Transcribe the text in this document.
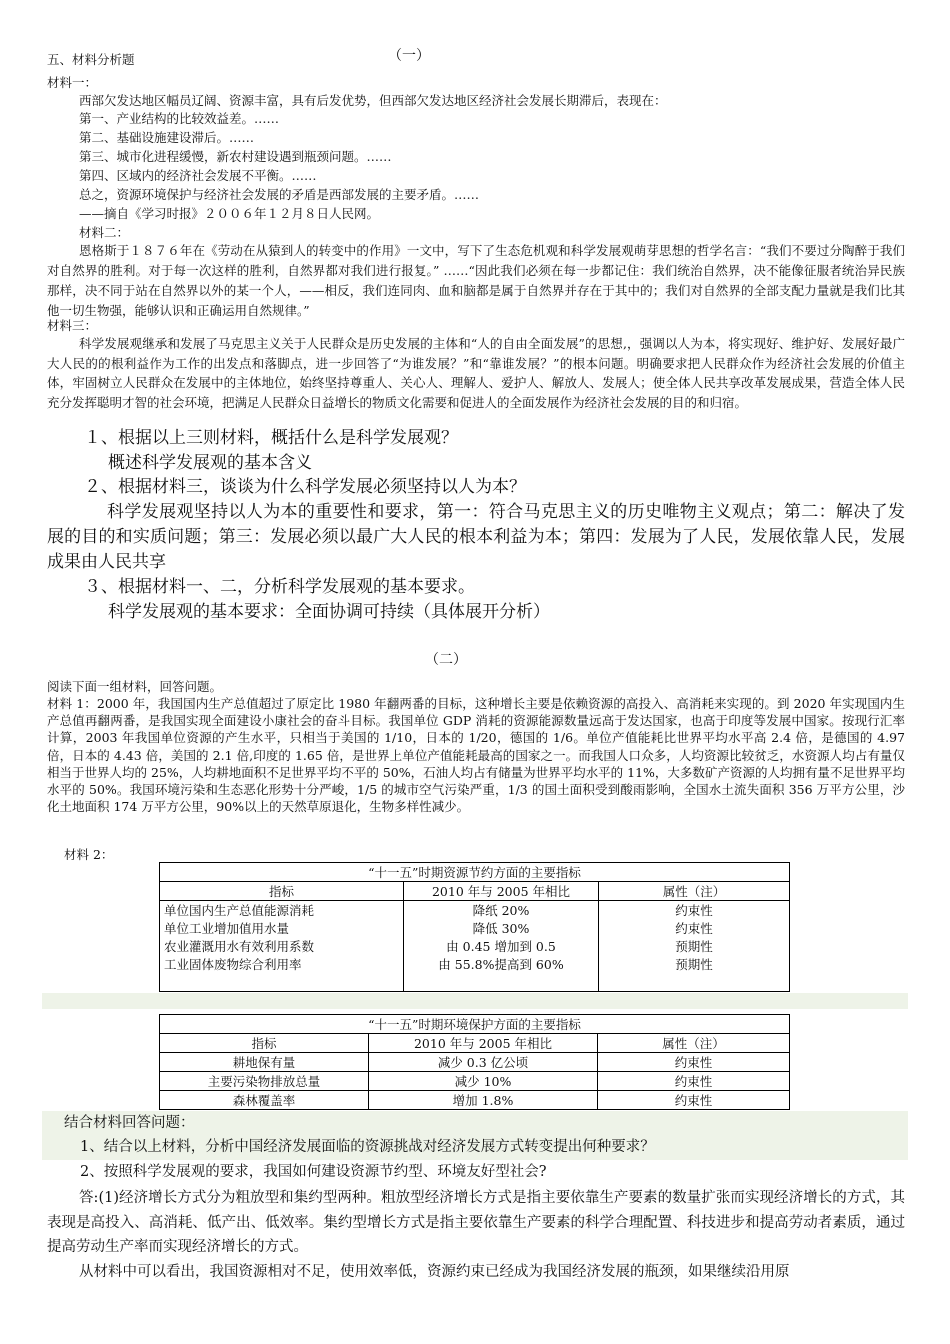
五、材料分析题	（一）
材料一：
西部欠发达地区幅员辽阔、资源丰富，具有后发优势，但西部欠发达地区经济社会发展长期滞后，表现在：
第一、产业结构的比较效益差。……
第二、基础设施建设滞后。……
第三、城市化进程缓慢，新农村建设遇到瓶颈问题。……
第四、区域内的经济社会发展不平衡。……
总之，资源环境保护与经济社会发展的矛盾是西部发展的主要矛盾。……
——摘自《学习时报》２００６年１２月８日人民网。
材料二：
恩格斯于１８７６年在《劳动在从猿到人的转变中的作用》一文中，写下了生态危机观和科学发展观萌芽思想的哲学名言：“我们不要过分陶醉于我们对自然界的胜利。对于每一次这样的胜利，自然界都对我们进行报复。” ……“因此我们必须在每一步都记住：我们统治自然界，决不能像征服者统治异民族那样，决不同于站在自然界以外的某一个人，——相反，我们连同肉、血和脑都是属于自然界并存在于其中的；我们对自然界的全部支配力量就是我们比其他一切生物强，能够认识和正确运用自然规律。”
材料三：
科学发展观继承和发展了马克思主义关于人民群众是历史发展的主体和“人的自由全面发展”的思想,，强调以人为本，将实现好、维护好、发展好最广大人民的的根利益作为工作的出发点和落脚点，进一步回答了“为谁发展？”和“靠谁发展？”的根本问题。明确要求把人民群众作为经济社会发展的价值主体，牢固树立人民群众在发展中的主体地位，始终坚持尊重人、关心人、理解人、爱护人、解放人、发展人；使全体人民共享改革发展成果，营造全体人民充分发挥聪明才智的社会环境，把满足人民群众日益增长的物质文化需要和促进人的全面发展作为经济社会发展的目的和归宿。
１、根据以上三则材料，概括什么是科学发展观？
概述科学发展观的基本含义
２、根据材料三，谈谈为什么科学发展必须坚持以人为本？
科学发展观坚持以人为本的重要性和要求，第一：符合马克思主义的历史唯物主义观点；第二：解决了发展的目的和实质问题；第三：发展必须以最广大人民的根本利益为本；第四：发展为了人民，发展依靠人民，发展成果由人民共享
３、根据材料一、二，分析科学发展观的基本要求。
科学发展观的基本要求：全面协调可持续（具体展开分析）
（二）
阅读下面一组材料，回答问题。
材料 1：2000 年，我国国内生产总值超过了原定比 1980 年翻两番的目标，这种增长主要是依赖资源的高投入、高消耗来实现的。到 2020 年实现国内生产总值再翻两番，是我国实现全面建设小康社会的奋斗目标。我国单位 GDP 消耗的资源能源数量远高于发达国家，也高于印度等发展中国家。按现行汇率计算，2003 年我国单位资源的产生水平，只相当于美国的 1/10，日本的 1/20，德国的 1/6。单位产值能耗比世界平均水平高 2.4 倍，是德国的 4.97 倍，日本的 4.43 倍，美国的 2.1 倍,印度的 1.65 倍，是世界上单位产值能耗最高的国家之一。而我国人口众多，人均资源比较贫乏，水资源人均占有量仅相当于世界人均的 25%，人均耕地面积不足世界平均不平的 50%，石油人均占有储量为世界平均水平的 11%，大多数矿产资源的人均拥有量不足世界平均水平的 50%。我国环境污染和生态恶化形势十分严峻，1/5 的城市空气污染严重，1/3 的国土面积受到酸雨影响，全国水土流失面积 356 万平方公里，沙化土地面积 174 万平方公里，90%以上的天然草原退化，生物多样性减少。
材料 2：
“十一五”时期资源节约方面的主要指标		
指标	2010 年与 2005 年相比	属性（注）
单位国内生产总值能源消耗	降纸 20%	约束性
单位工业增加值用水量	降低 30%	约束性
农业灌溉用水有效利用系数	由 0.45 增加到 0.5	预期性
工业固体废物综合利用率	由 55.8%提高到 60%	预期性

“十一五”时期环境保护方面的主要指标		
指标	2010 年与 2005 年相比	属性（注）
耕地保有量	减少 0.3 亿公顷	约束性
主要污染物排放总量	减少 10%	约束性
森林覆盖率	增加 1.8%	约束性
结合材料回答问题：
1、结合以上材料，分析中国经济发展面临的资源挑战对经济发展方式转变提出何种要求？
2、按照科学发展观的要求，我国如何建设资源节约型、环境友好型社会?
答:(1)经济增长方式分为粗放型和集约型两种。粗放型经济增长方式是指主要依靠生产要素的数量扩张而实现经济增长的方式，其表现是高投入、高消耗、低产出、低效率。集约型增长方式是指主要依靠生产要素的科学合理配置、科技进步和提高劳动者素质，通过提高劳动生产率而实现经济增长的方式。
从材料中可以看出，我国资源相对不足，使用效率低，资源约束已经成为我国经济发展的瓶颈，如果继续沿用原
